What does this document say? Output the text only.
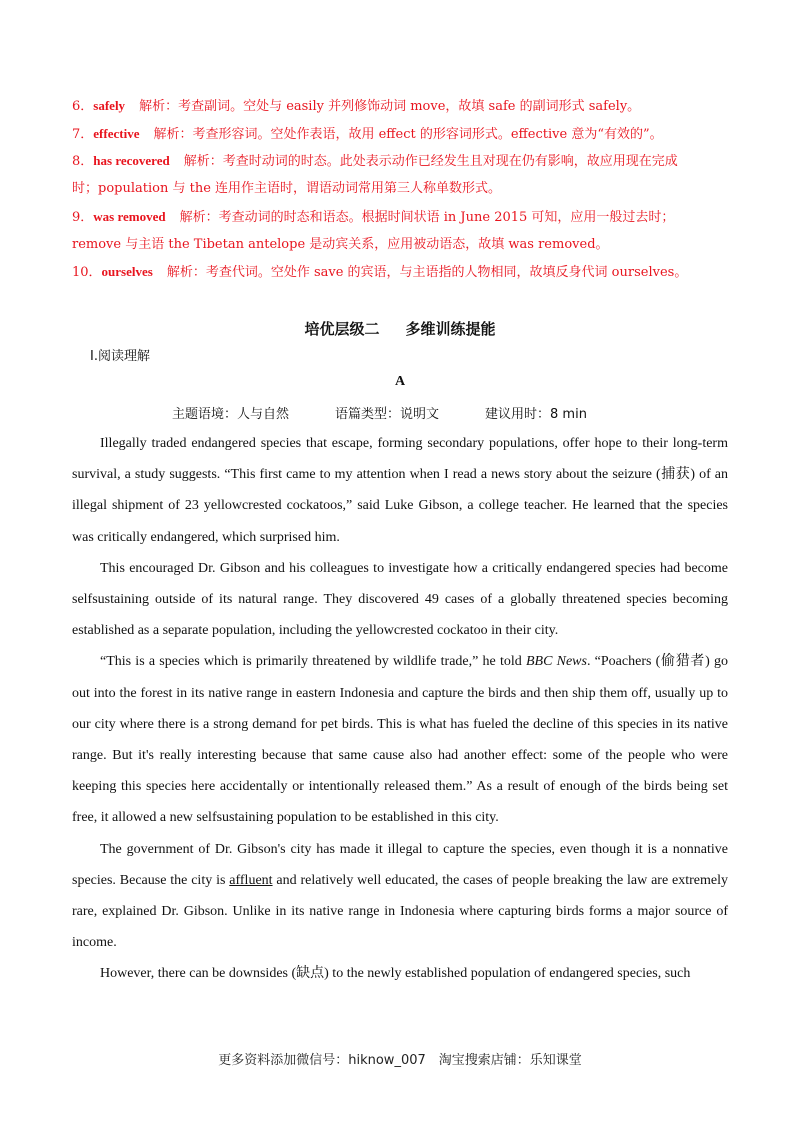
6．safely 解析：考查副词。空处与 easily 并列修饰动词 move，故填 safe 的副词形式 safely。
7．effective 解析：考查形容词。空处作表语，故用 effect 的形容词形式。effective 意为“有效的”。
8．has recovered 解析：考查时动词的时态。此处表示动作已经发生且对现在仍有影响，故应用现在完成
时；population 与 the 连用作主语时，谓语动词常用第三人称单数形式。
9．was removed 解析：考查动词的时态和语态。根据时间状语 in June 2015 可知，应用一般过去时；
remove 与主语 the Tibetan antelope 是动宾关系，应用被动语态，故填 was removed。
10．ourselves 解析：考查代词。空处作 save 的宾语，与主语指的人物相同，故填反身代词 ourselves。
培优层级二 多维训练提能
Ⅰ.阅读理解
A
主题语境：人与自然	语篇类型：说明文	建议用时：8 min

Illegally traded endangered species that escape, forming secondary populations, offer hope to their long-term survival, a study suggests. “This first came to my attention when I read a news story about the seizure (捕获) of an illegal shipment of 23 yellowcrested cockatoos,” said Luke Gibson, a college teacher. He learned that the species was critically endangered, which surprised him.

This encouraged Dr. Gibson and his colleagues to investigate how a critically endangered species had become selfsustaining outside of its natural range. They discovered 49 cases of a globally threatened species becoming established as a separate population, including the yellowcrested cockatoo in their city.

“This is a species which is primarily threatened by wildlife trade,” he told BBC News. “Poachers (偷猎者) go out into the forest in its native range in eastern Indonesia and capture the birds and then ship them off, usually up to our city where there is a strong demand for pet birds. This is what has fueled the decline of this species in its native range. But it's really interesting because that same cause also had another effect: some of the people who were keeping this species here accidentally or intentionally released them.” As a result of enough of the birds being set free, it allowed a new selfsustaining population to be established in this city.

The government of Dr. Gibson's city has made it illegal to capture the species, even though it is a nonnative species. Because the city is affluent and relatively well educated, the cases of people breaking the law are extremely rare, explained Dr. Gibson. Unlike in its native range in Indonesia where capturing birds forms a major source of income.

However, there can be downsides (缺点) to the newly established population of endangered species, such

更多资料添加微信号：hiknow_007　淘宝搜索店铺：乐知课堂
